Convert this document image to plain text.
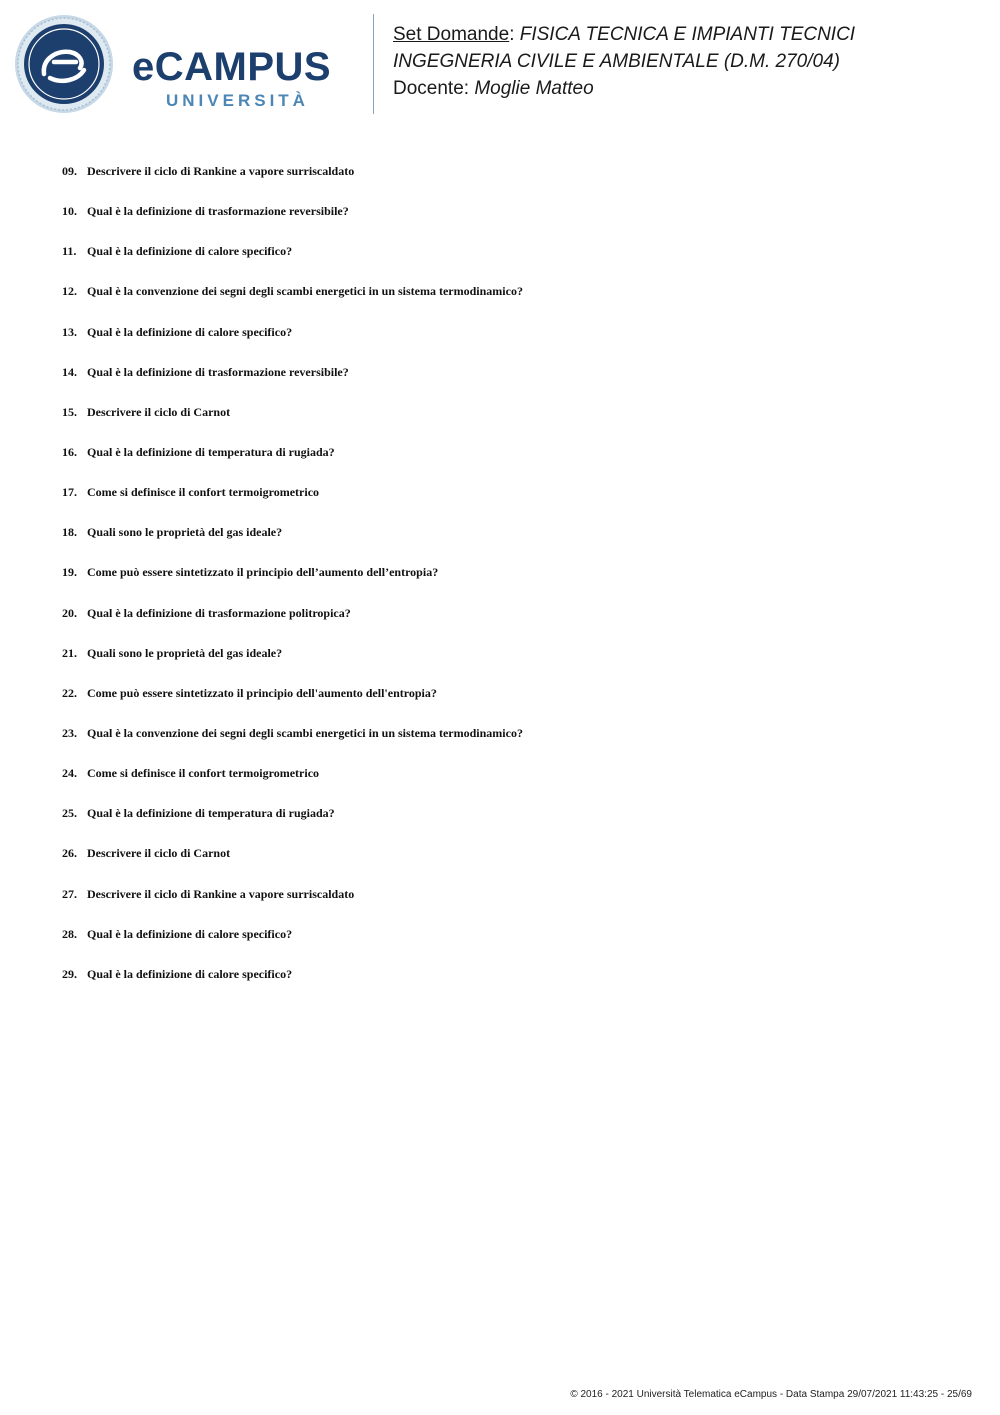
eCAMPUS
UNIVERSITÀ
Set Domande: FISICA TECNICA E IMPIANTI TECNICI
INGEGNERIA CIVILE E AMBIENTALE (D.M. 270/04)
Docente: Moglie Matteo
09. Descrivere il ciclo di Rankine a vapore surriscaldato
10. Qual è la definizione di trasformazione reversibile?
11. Qual è la definizione di calore specifico?
12. Qual è la convenzione dei segni degli scambi energetici in un sistema termodinamico?
13. Qual è la definizione di calore specifico?
14. Qual è la definizione di trasformazione reversibile?
15. Descrivere il ciclo di Carnot
16. Qual è la definizione di temperatura di rugiada?
17. Come si definisce il confort termoigrometrico
18. Quali sono le proprietà del gas ideale?
19. Come può essere sintetizzato il principio dell’aumento dell’entropia?
20. Qual è la definizione di trasformazione politropica?
21. Quali sono le proprietà del gas ideale?
22. Come può essere sintetizzato il principio dell'aumento dell'entropia?
23. Qual è la convenzione dei segni degli scambi energetici in un sistema termodinamico?
24. Come si definisce il confort termoigrometrico
25. Qual è la definizione di temperatura di rugiada?
26. Descrivere il ciclo di Carnot
27. Descrivere il ciclo di Rankine a vapore surriscaldato
28. Qual è la definizione di calore specifico?
29. Qual è la definizione di calore specifico?
© 2016 - 2021 Università Telematica eCampus - Data Stampa 29/07/2021 11:43:25 - 25/69
